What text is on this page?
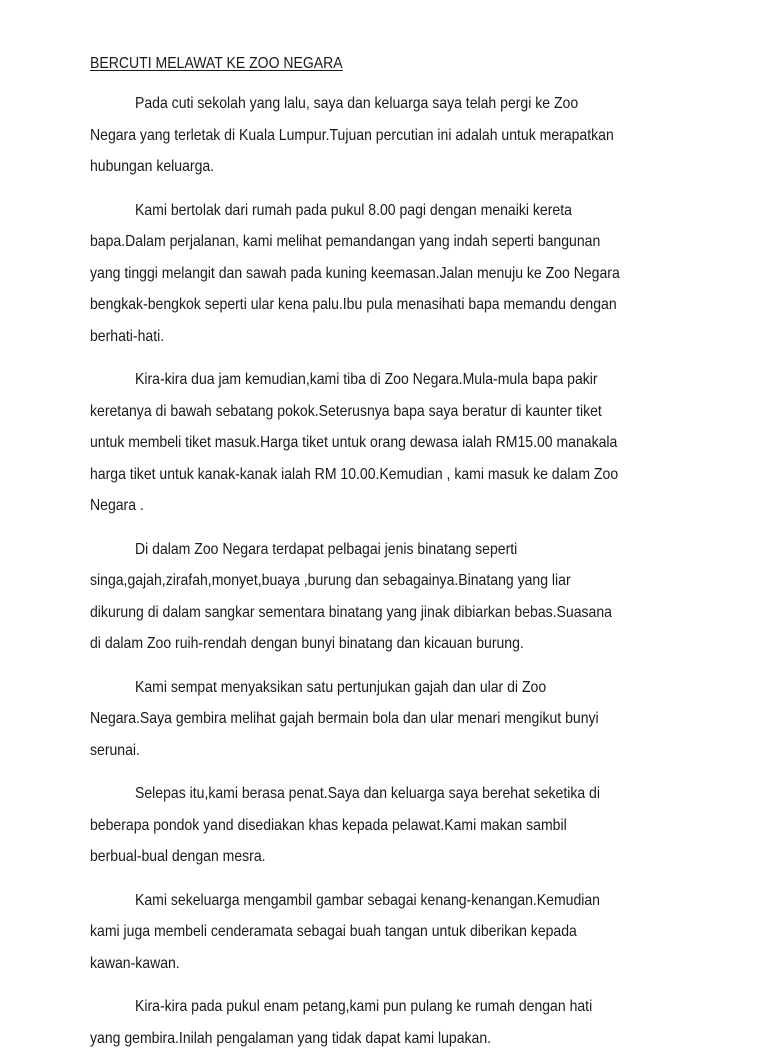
BERCUTI MELAWAT KE ZOO NEGARA

Pada cuti sekolah yang lalu, saya dan keluarga saya telah pergi ke Zoo Negara yang terletak di Kuala Lumpur.Tujuan percutian ini adalah untuk merapatkan hubungan keluarga.

Kami bertolak dari rumah pada pukul 8.00 pagi dengan menaiki kereta bapa.Dalam perjalanan, kami melihat pemandangan yang indah seperti bangunan yang tinggi melangit dan sawah pada kuning keemasan.Jalan menuju ke Zoo Negara bengkak-bengkok seperti ular kena palu.Ibu pula menasihati bapa memandu dengan berhati-hati.

Kira-kira dua jam kemudian,kami tiba di Zoo Negara.Mula-mula bapa pakir keretanya di bawah sebatang pokok.Seterusnya bapa saya beratur di kaunter tiket untuk membeli tiket masuk.Harga tiket untuk orang dewasa ialah RM15.00 manakala harga tiket untuk kanak-kanak ialah RM 10.00.Kemudian , kami masuk ke dalam Zoo Negara .

Di dalam Zoo Negara terdapat pelbagai jenis binatang seperti singa,gajah,zirafah,monyet,buaya ,burung dan sebagainya.Binatang yang liar dikurung di dalam sangkar sementara binatang yang jinak dibiarkan bebas.Suasana di dalam Zoo ruih-rendah dengan bunyi binatang dan kicauan burung.

Kami sempat menyaksikan satu pertunjukan gajah dan ular di Zoo Negara.Saya gembira melihat gajah bermain bola dan ular menari mengikut bunyi serunai.

Selepas itu,kami berasa penat.Saya dan keluarga saya berehat seketika di beberapa pondok yand disediakan khas kepada pelawat.Kami makan sambil berbual-bual dengan mesra.

Kami sekeluarga mengambil gambar sebagai kenang-kenangan.Kemudian kami juga membeli cenderamata sebagai buah tangan untuk diberikan kepada kawan-kawan.

Kira-kira pada pukul enam petang,kami pun pulang ke rumah dengan hati yang gembira.Inilah pengalaman yang tidak dapat kami lupakan.
